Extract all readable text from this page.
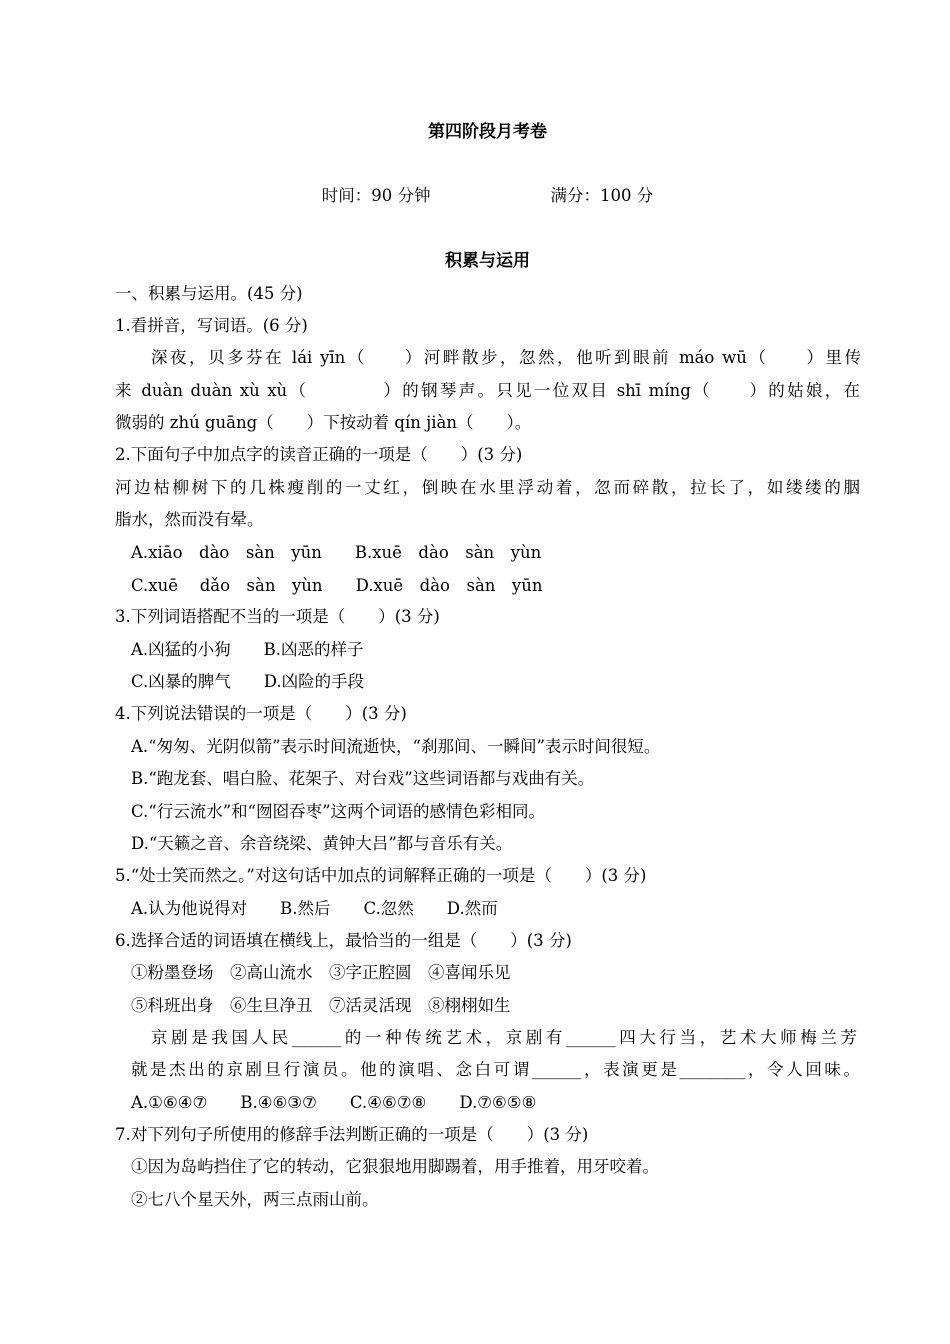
第四阶段月考卷
时间：90 分钟	满分：100 分
积累与运用
一、积累与运用。(45 分)
1.看拼音，写词语。(6 分)
深夜，贝多芬在 lái yīn（　　）河畔散步，忽然，他听到眼前 máo wū（　　）里传
来 duàn duàn xù xù（　　　　）的钢琴声。只见一位双目 shī míng（　　）的姑娘，在
微弱的 zhú guāng（　　）下按动着 qín jiàn（　　）。
2.下面句子中加点字的读音正确的一项是（　　）(3 分)
河边枯柳树下的几株瘦削的一丈红，倒映在水里浮动着，忽而碎散，拉长了，如缕缕的胭
脂水，然而没有晕。
A.xiāo　dào　sàn　yūn　　B.xuē　dào　sàn　yùn
C.xuē　 dǎo　sàn　yùn　　D.xuē　dào　sàn　yūn
3.下列词语搭配不当的一项是（　　）(3 分)
A.凶猛的小狗　　B.凶恶的样子
C.凶暴的脾气　　D.凶险的手段
4.下列说法错误的一项是（　　）(3 分)
A.“匆匆、光阴似箭”表示时间流逝快，“刹那间、一瞬间”表示时间很短。
B.“跑龙套、唱白脸、花架子、对台戏”这些词语都与戏曲有关。
C.“行云流水”和“囫囵吞枣”这两个词语的感情色彩相同。
D.“天籁之音、余音绕梁、黄钟大吕”都与音乐有关。
5.“处士笑而然之。”对这句话中加点的词解释正确的一项是（　　）(3 分)
A.认为他说得对　　B.然后　　C.忽然　　D.然而
6.选择合适的词语填在横线上，最恰当的一组是（　　）(3 分)
①粉墨登场　②高山流水　③字正腔圆　④喜闻乐见
⑤科班出身　⑥生旦净丑　⑦活灵活现　⑧栩栩如生
京剧是我国人民______的一种传统艺术，京剧有______四大行当，艺术大师梅兰芳
就是杰出的京剧旦行演员。他的演唱、念白可谓______，表演更是________，令人回味。
A.①⑥④⑦　　B.④⑥③⑦　　C.④⑥⑦⑧　　D.⑦⑥⑤⑧
7.对下列句子所使用的修辞手法判断正确的一项是（　　）(3 分)
①因为岛屿挡住了它的转动，它狠狠地用脚踢着，用手推着，用牙咬着。
②七八个星天外，两三点雨山前。
